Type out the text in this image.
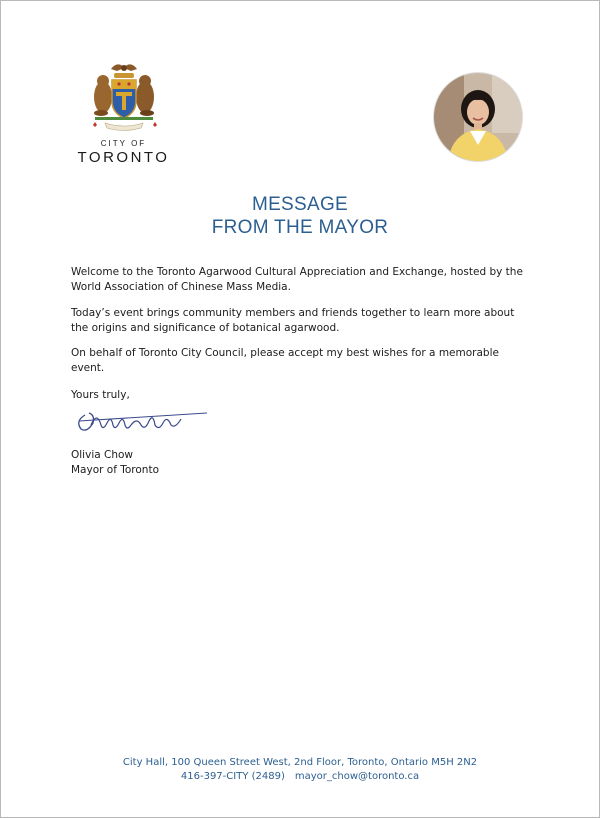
CITY OF
TORONTO
MESSAGE
FROM THE MAYOR

Welcome to the Toronto Agarwood Cultural Appreciation and Exchange, hosted by the World Association of Chinese Mass Media.

Today’s event brings community members and friends together to learn more about the origins and significance of botanical agarwood.

On behalf of Toronto City Council, please accept my best wishes for a memorable event.

Yours truly,

Olivia Chow

Mayor of Toronto

City Hall, 100 Queen Street West, 2nd Floor, Toronto, Ontario M5H 2N2
416-397-CITY (2489) mayor_chow@toronto.ca
